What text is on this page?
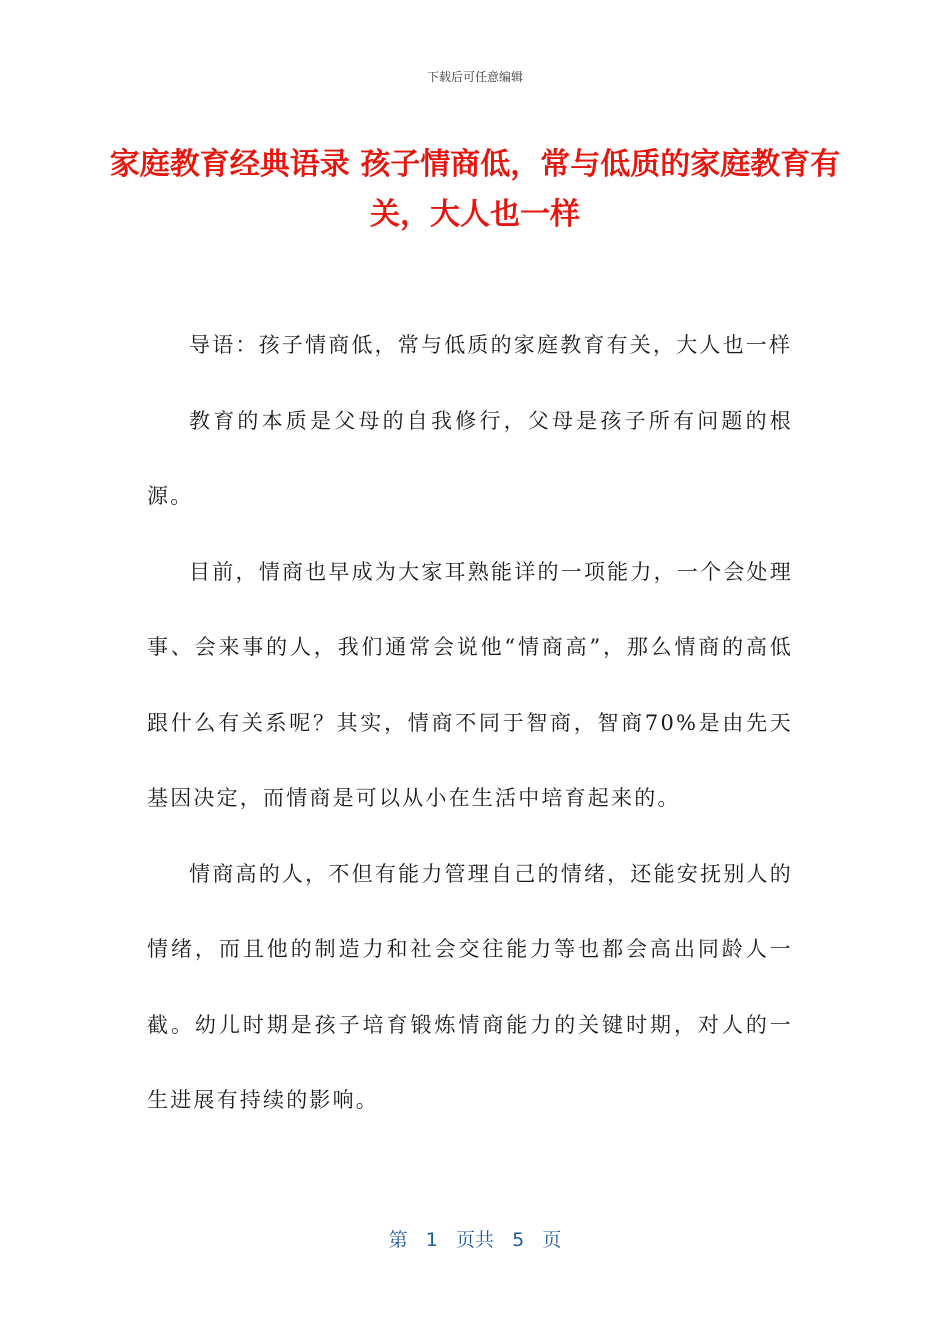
下载后可任意编辑
家庭教育经典语录 孩子情商低，常与低质的家庭教育有关，大人也一样

导语：孩子情商低，常与低质的家庭教育有关，大人也一样

教育的本质是父母的自我修行，父母是孩子所有问题的根源。

目前，情商也早成为大家耳熟能详的一项能力，一个会处理事、会来事的人，我们通常会说他“情商高”，那么情商的高低跟什么有关系呢？其实，情商不同于智商，智商70%是由先天基因决定，而情商是可以从小在生活中培育起来的。

情商高的人，不但有能力管理自己的情绪，还能安抚别人的情绪，而且他的制造力和社会交往能力等也都会高出同龄人一截。幼儿时期是孩子培育锻炼情商能力的关键时期，对人的一生进展有持续的影响。

第 1 页共 5 页
